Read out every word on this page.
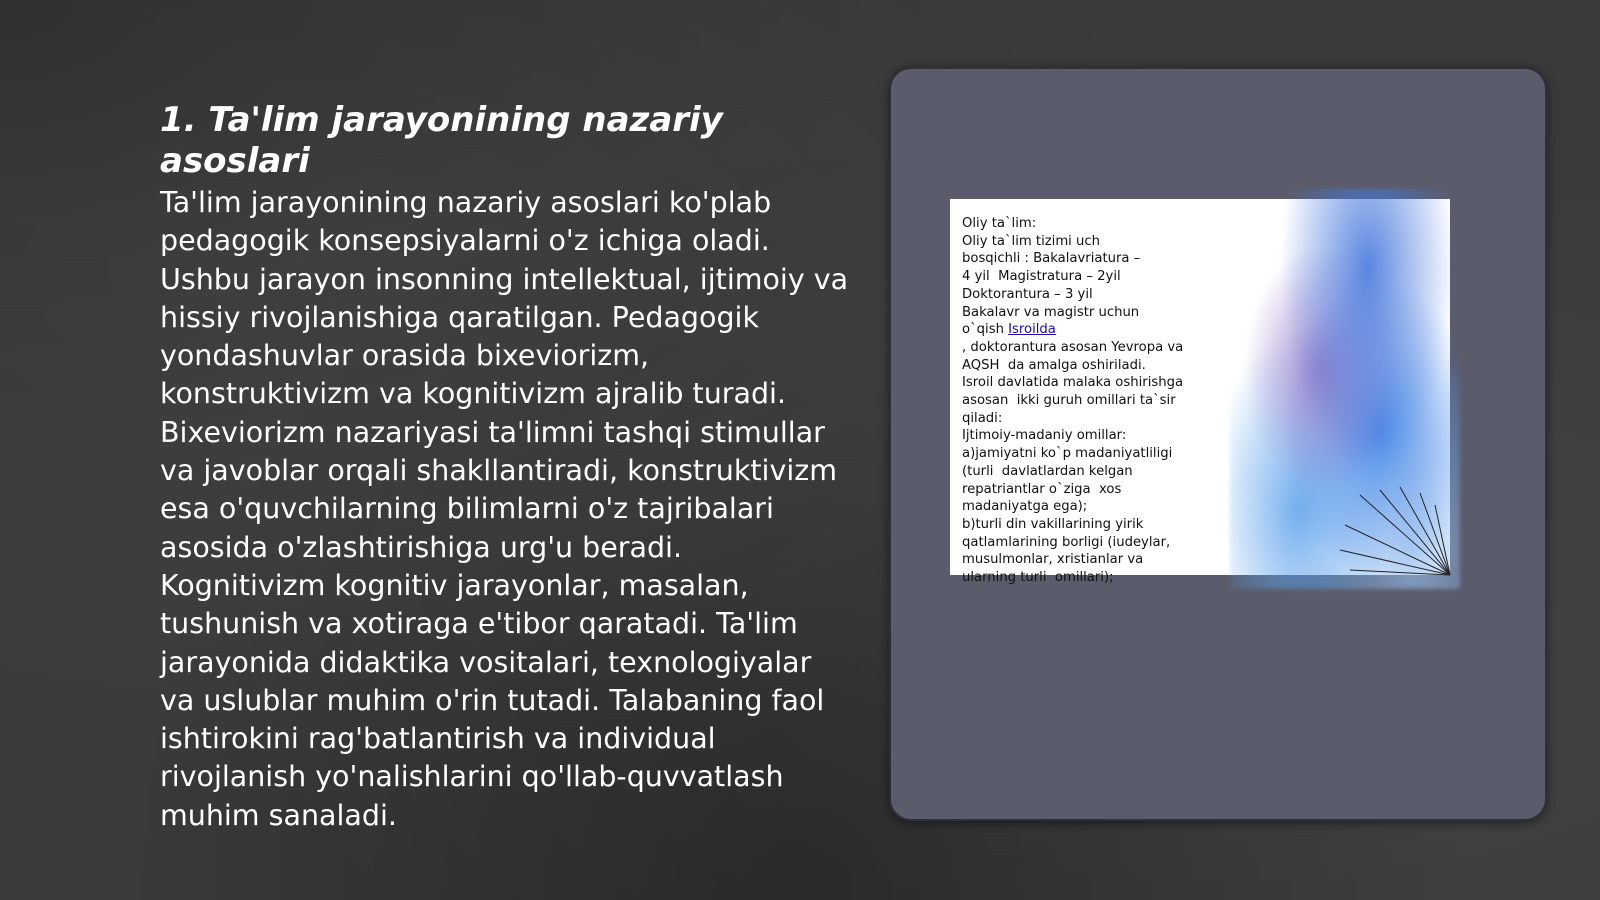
1. Ta'lim jarayonining nazariy asoslari

Ta'lim jarayonining nazariy asoslari ko'plab pedagogik konsepsiyalarni o'z ichiga oladi. Ushbu jarayon insonning intellektual, ijtimoiy va hissiy rivojlanishiga qaratilgan. Pedagogik yondashuvlar orasida bixeviorizm, konstruktivizm va kognitivizm ajralib turadi. Bixeviorizm nazariyasi ta'limni tashqi stimullar va javoblar orqali shakllantiradi, konstruktivizm esa o'quvchilarning bilimlarni o'z tajribalari asosida o'zlashtirishiga urg'u beradi. Kognitivizm kognitiv jarayonlar, masalan, tushunish va xotiraga e'tibor qaratadi. Ta'lim jarayonida didaktika vositalari, texnologiyalar va uslublar muhim o'rin tutadi. Talabaning faol ishtirokini rag'batlantirish va individual rivojlanish yo'nalishlarini qo'llab-quvvatlash muhim sanaladi.

Oliy ta`lim:
Oliy ta`lim tizimi uch
bosqichli : Bakalavriatura –
4 yil  Magistratura – 2yil
Doktorantura – 3 yil
Bakalavr va magistr uchun
o`qish Isroilda
, doktorantura asosan Yevropa va
AQSH  da amalga oshiriladi.
Isroil davlatida malaka oshirishga
asosan  ikki guruh omillari ta`sir
qiladi:
Ijtimoiy-madaniy omillar:
a)jamiyatni ko`p madaniyatliligi
(turli  davlatlardan kelgan
repatriantlar o`ziga  xos
madaniyatga ega);
b)turli din vakillarining yirik
qatlamlarining borligi (iudeylar,
musulmonlar, xristianlar va
ularning turli  omillari);
